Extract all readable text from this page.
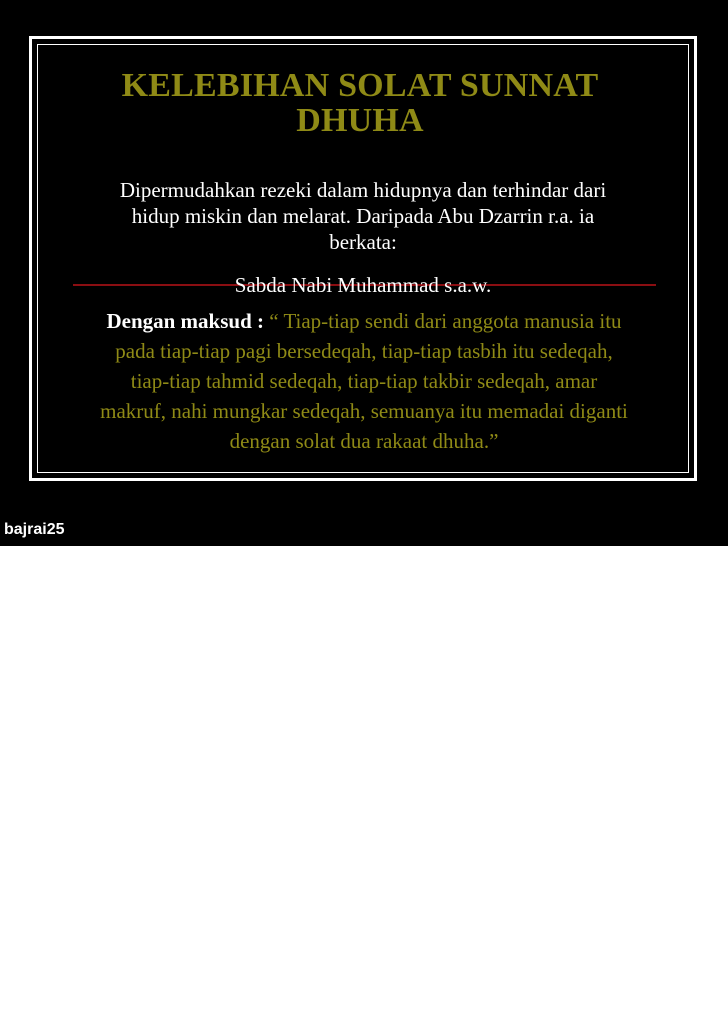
KELEBIHAN SOLAT SUNNAT
DHUHA
Dipermudahkan rezeki dalam hidupnya dan terhindar dari
hidup miskin dan melarat. Daripada Abu Dzarrin r.a. ia
berkata:
Sabda Nabi Muhammad s.a.w.
Dengan maksud : “ Tiap-tiap sendi dari anggota manusia itu
pada tiap-tiap pagi bersedeqah, tiap-tiap tasbih itu sedeqah,
tiap-tiap tahmid sedeqah, tiap-tiap takbir sedeqah, amar
makruf, nahi mungkar sedeqah, semuanya itu memadai diganti
dengan solat dua rakaat dhuha.”
bajrai25
